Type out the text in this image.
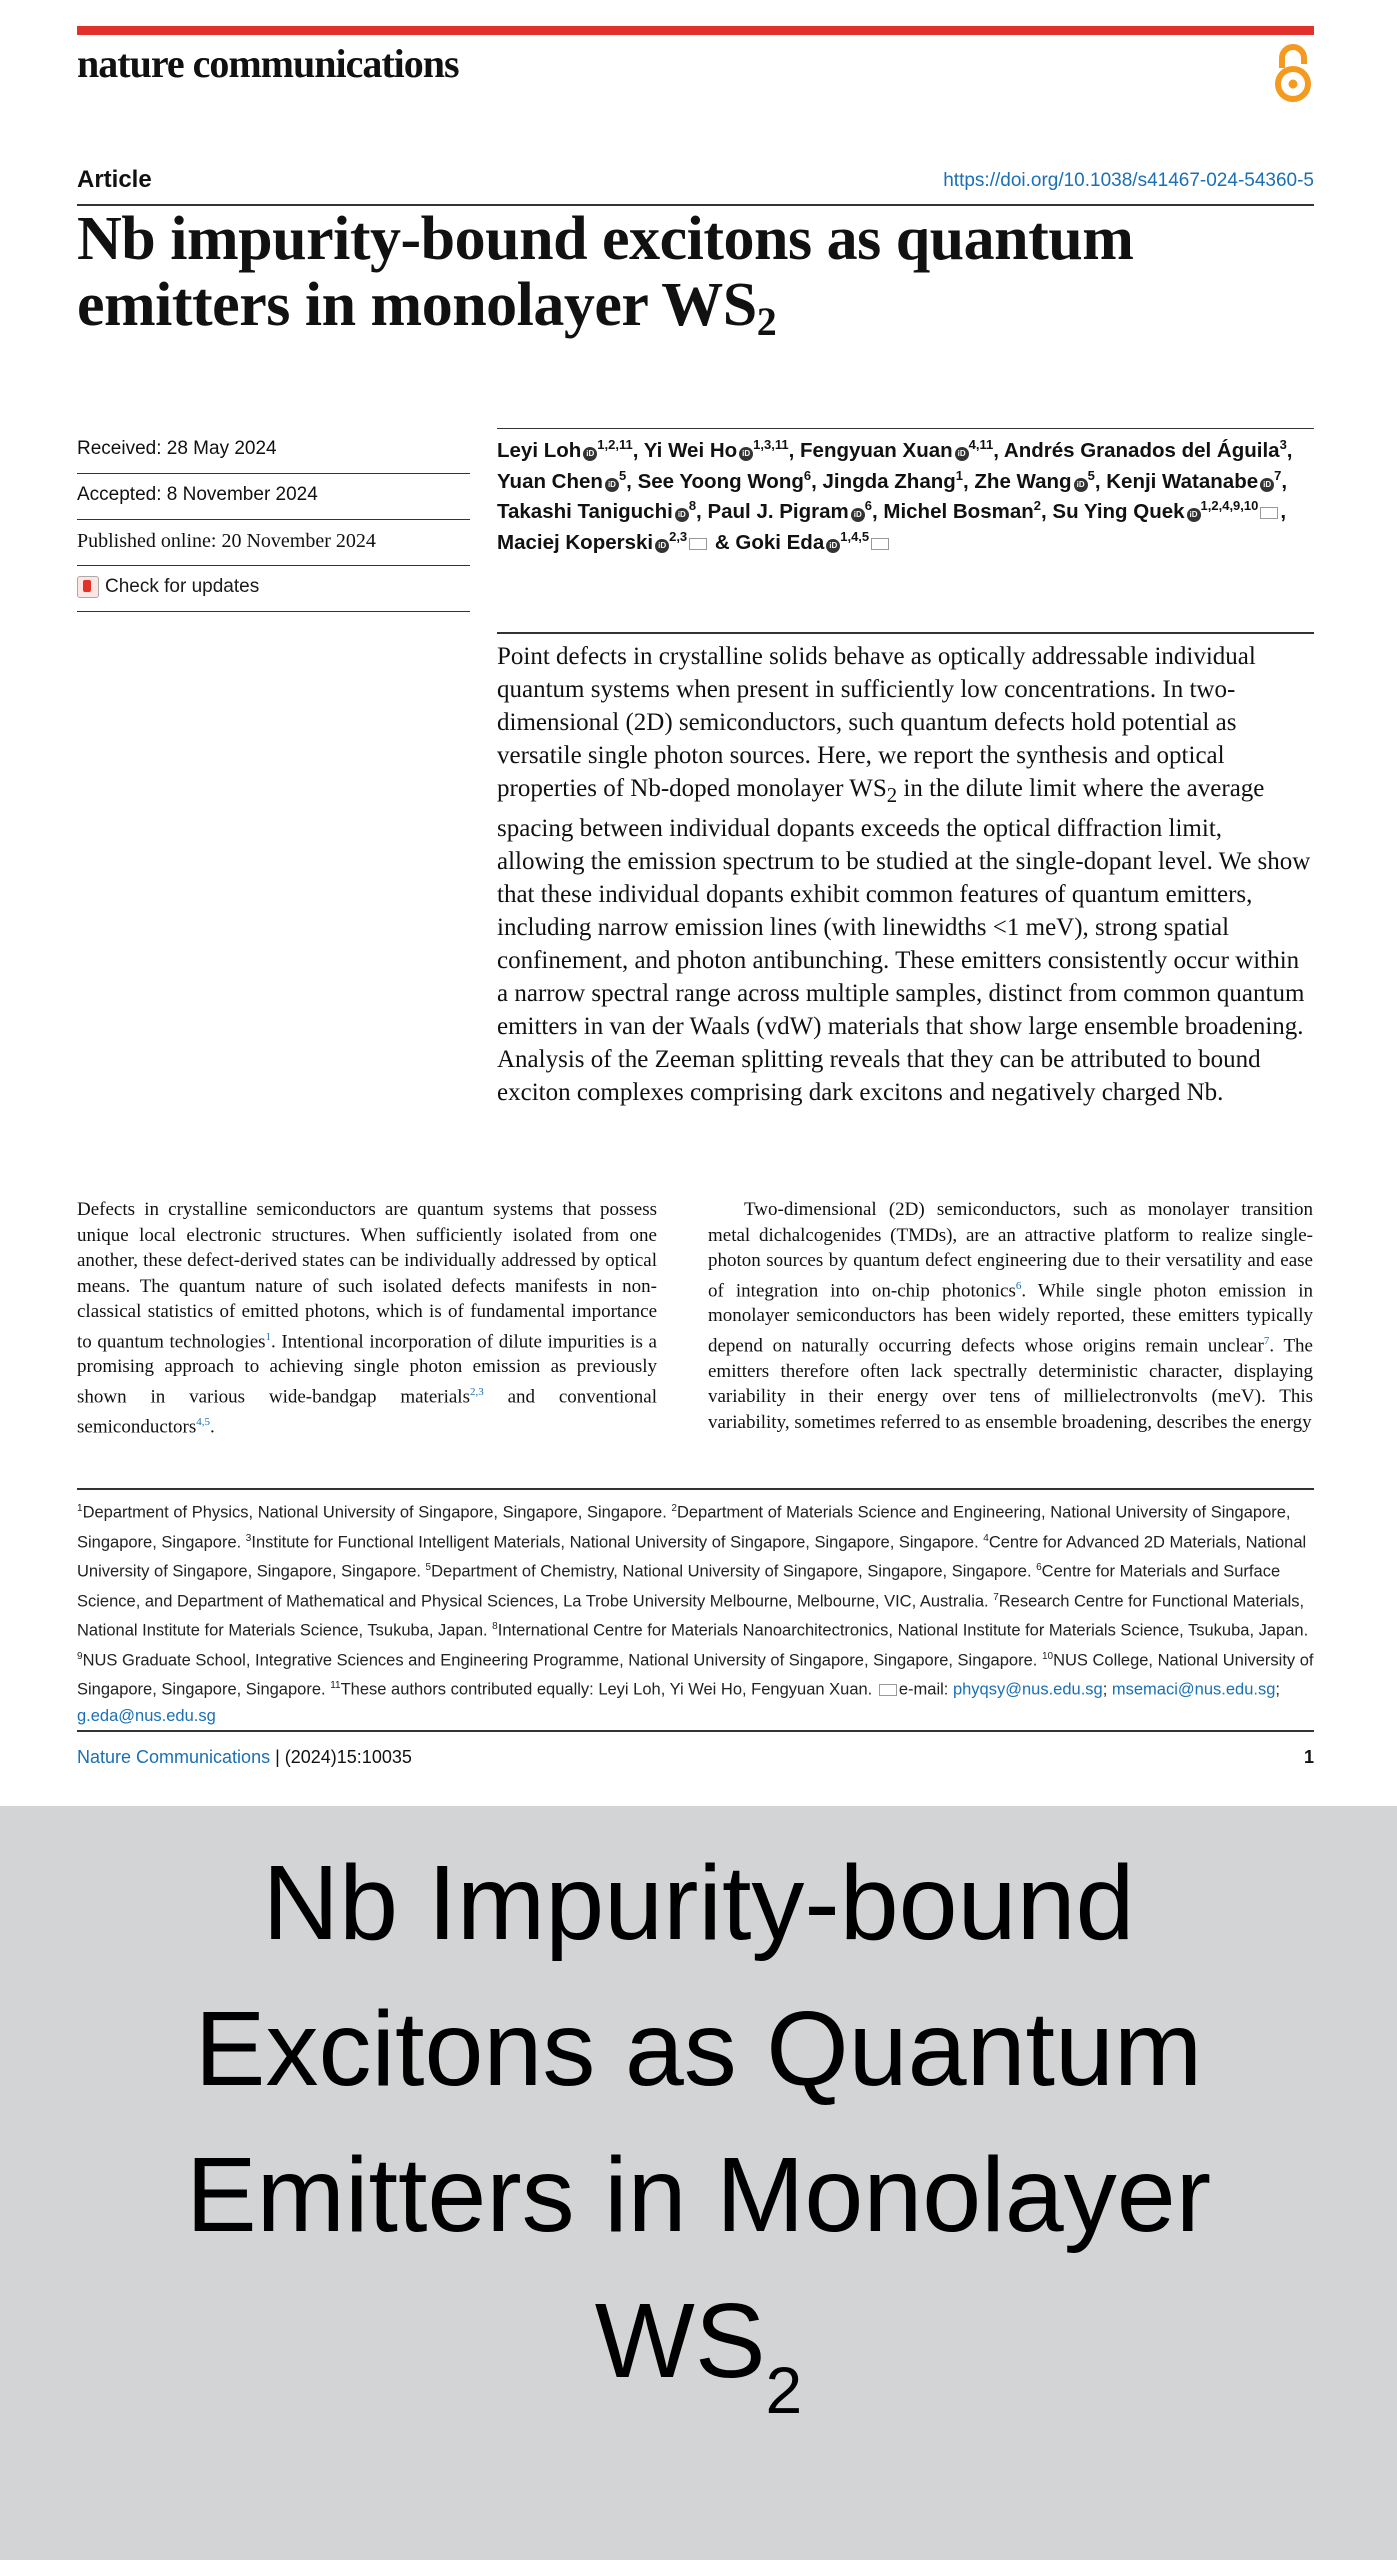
nature communications
Article	https://doi.org/10.1038/s41467-024-54360-5
Nb impurity-bound excitons as quantum emitters in monolayer $WS_2$
Received: 28 May 2024
Accepted: 8 November 2024
Published online: 20 November 2024
Check for updates
Leyi Loh iD$^{1,2,11}$, Yi Wei Ho iD$^{1,3,11}$, Fengyuan Xuan iD$^{4,11}$, Andrés Granados del Águila$^3$, Yuan Chen $iD^5$, See Yoong Wong$^6$, Jingda Zhang$^1$, Zhe Wang $iD^5$, Kenji Watanabe $iD^7$, Takashi Taniguchi $iD^8$, Paul J. Pigram $iD^6$, Michel Bosman$^2$, Su Ying Quek iD$^{1,2,4,9,10}$ , Maciej Koperski iD$^{2,3}$ & Goki Eda iD$^{1,4,5}$

Point defects in crystalline solids behave as optically addressable individual quantum systems when present in sufficiently low concentrations. In two-dimensional (2D) semiconductors, such quantum defects hold potential as versatile single photon sources. Here, we report the synthesis and optical properties of Nb-doped monolayer $WS_2$ in the dilute limit where the average spacing between individual dopants exceeds the optical diffraction limit, allowing the emission spectrum to be studied at the single-dopant level. We show that these individual dopants exhibit common features of quantum emitters, including narrow emission lines (with linewidths <1 meV), strong spatial confinement, and photon antibunching. These emitters consistently occur within a narrow spectral range across multiple samples, distinct from common quantum emitters in van der Waals (vdW) materials that show large ensemble broadening. Analysis of the Zeeman splitting reveals that they can be attributed to bound exciton complexes comprising dark excitons and negatively charged Nb.

Defects in crystalline semiconductors are quantum systems that possess unique local electronic structures. When sufficiently isolated from one another, these defect-derived states can be individually addressed by optical means. The quantum nature of such isolated defects manifests in non-classical statistics of emitted photons, which is of fundamental importance to quantum technologies$^1$. Intentional incorporation of dilute impurities is a promising approach to achieving single photon emission as previously shown in various wide-bandgap materials$^{2,3}$ and conventional semiconductors$^{4,5}$.

Two-dimensional (2D) semiconductors, such as monolayer transition metal dichalcogenides (TMDs), are an attractive platform to realize single-photon sources by quantum defect engineering due to their versatility and ease of integration into on-chip photonics$^6$. While single photon emission in monolayer semiconductors has been widely reported, these emitters typically depend on naturally occurring defects whose origins remain unclear$^7$. The emitters therefore often lack spectrally deterministic character, displaying variability in their energy over tens of millielectronvolts (meV). This variability, sometimes referred to as ensemble broadening, describes the energy

$^1$Department of Physics, National University of Singapore, Singapore, Singapore. $^2$Department of Materials Science and Engineering, National University of Singapore, Singapore, Singapore. $^3$Institute for Functional Intelligent Materials, National University of Singapore, Singapore, Singapore. $^4$Centre for Advanced 2D Materials, National University of Singapore, Singapore, Singapore. $^5$Department of Chemistry, National University of Singapore, Singapore, Singapore. $^6$Centre for Materials and Surface Science, and Department of Mathematical and Physical Sciences, La Trobe University Melbourne, Melbourne, VIC, Australia. $^7$Research Centre for Functional Materials, National Institute for Materials Science, Tsukuba, Japan. $^8$International Centre for Materials Nanoarchitectronics, National Institute for Materials Science, Tsukuba, Japan. $^9$NUS Graduate School, Integrative Sciences and Engineering Programme, National University of Singapore, Singapore, Singapore. $^{10}$NUS College, National University of Singapore, Singapore, Singapore. $^{11}$These authors contributed equally: Leyi Loh, Yi Wei Ho, Fengyuan Xuan. e-mail: phyqsy@nus.edu.sg; msemaci@nus.edu.sg; g.eda@nus.edu.sg
Nature Communications | (2024)15:10035	1
Nb Impurity-bound
Excitons as Quantum
Emitters in Monolayer
$WS_2$
